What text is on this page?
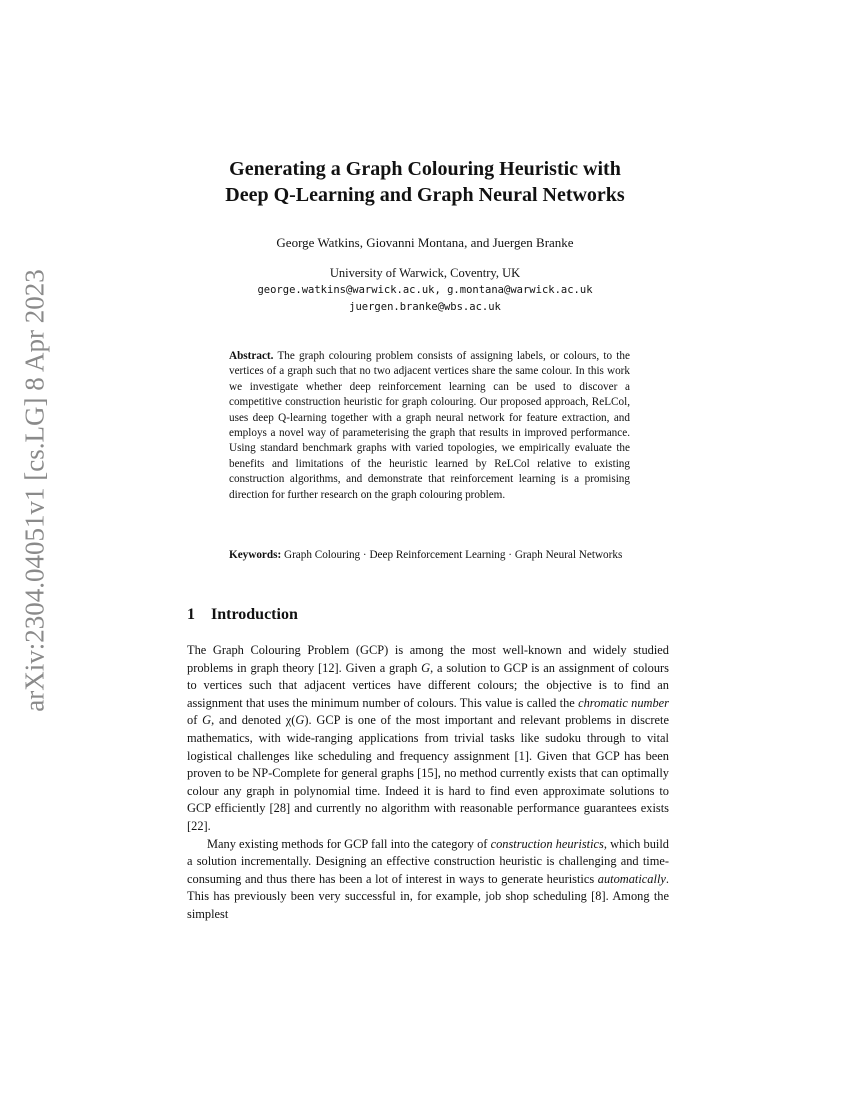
arXiv:2304.04051v1 [cs.LG] 8 Apr 2023
Generating a Graph Colouring Heuristic with
Deep Q-Learning and Graph Neural Networks
George Watkins, Giovanni Montana, and Juergen Branke
University of Warwick, Coventry, UK
george.watkins@warwick.ac.uk, g.montana@warwick.ac.uk
juergen.branke@wbs.ac.uk
Abstract. The graph colouring problem consists of assigning labels, or colours, to the vertices of a graph such that no two adjacent vertices share the same colour. In this work we investigate whether deep reinforcement learning can be used to discover a competitive construction heuristic for graph colouring. Our proposed approach, ReLCol, uses deep Q-learning together with a graph neural network for feature extraction, and employs a novel way of parameterising the graph that results in improved performance. Using standard benchmark graphs with varied topologies, we empirically evaluate the benefits and limitations of the heuristic learned by ReLCol relative to existing construction algorithms, and demonstrate that reinforcement learning is a promising direction for further research on the graph colouring problem.
Keywords: Graph Colouring · Deep Reinforcement Learning · Graph Neural Networks
1 Introduction

The Graph Colouring Problem (GCP) is among the most well-known and widely studied problems in graph theory [12]. Given a graph G, a solution to GCP is an assignment of colours to vertices such that adjacent vertices have different colours; the objective is to find an assignment that uses the minimum number of colours. This value is called the chromatic number of G, and denoted χ(G). GCP is one of the most important and relevant problems in discrete mathematics, with wide-ranging applications from trivial tasks like sudoku through to vital logistical challenges like scheduling and frequency assignment [1]. Given that GCP has been proven to be NP-Complete for general graphs [15], no method currently exists that can optimally colour any graph in polynomial time. Indeed it is hard to find even approximate solutions to GCP efficiently [28] and currently no algorithm with reasonable performance guarantees exists [22].

Many existing methods for GCP fall into the category of construction heuristics, which build a solution incrementally. Designing an effective construction heuristic is challenging and time-consuming and thus there has been a lot of interest in ways to generate heuristics automatically. This has previously been very successful in, for example, job shop scheduling [8]. Among the simplest
